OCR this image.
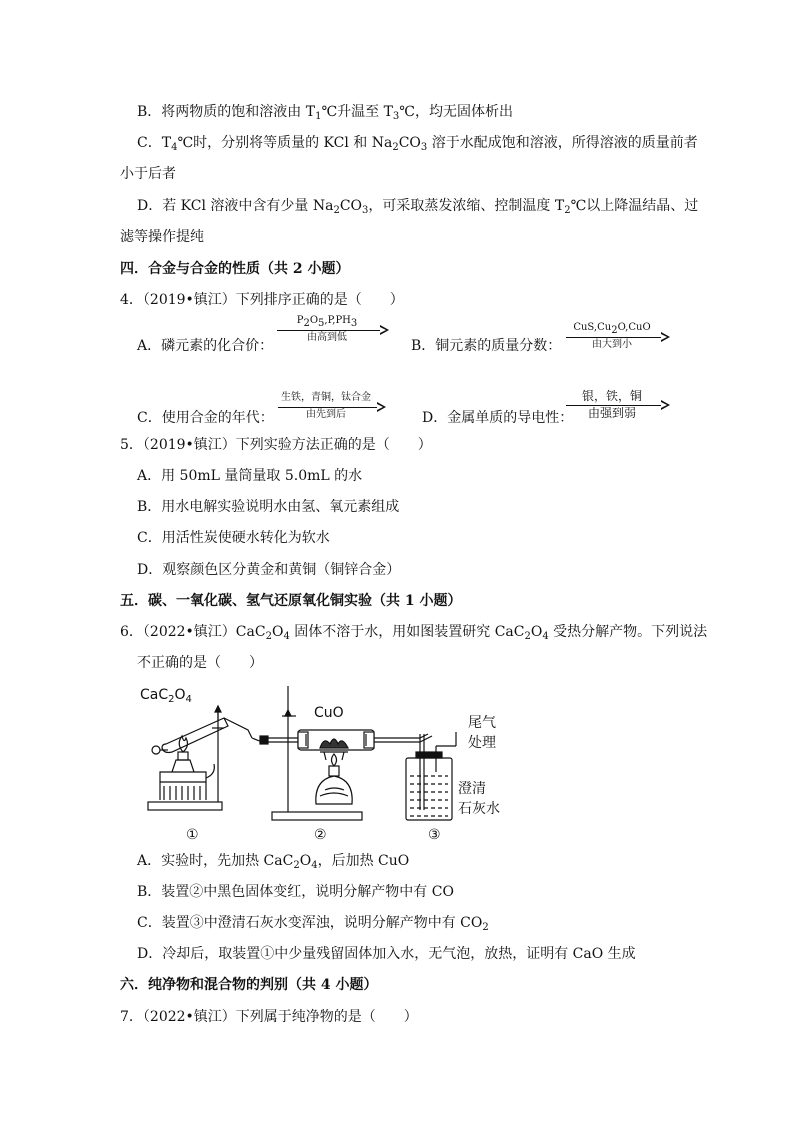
B．将两物质的饱和溶液由 $T_1℃$升温至 $T_3℃$，均无固体析出
C．$T_4℃$时，分别将等质量的 KCl 和 $Na_2CO_3$ 溶于水配成饱和溶液，所得溶液的质量前者
小于后者
D．若 KCl 溶液中含有少量 $Na_2CO_3$，可采取蒸发浓缩、控制温度 $T_2℃$以上降温结晶、过
滤等操作提纯
四．合金与合金的性质（共 2 小题）
4．（2019•镇江）下列排序正确的是（　　）
A．磷元素的化合价：
$P_2O_5,P,PH_3$
由高到低
B．铜元素的质量分数：
$CuS,Cu_2O,CuO$
由大到小
C．使用合金的年代：
生铁，青铜，钛合金
由先到后	D．金属单质的导电性：
银，铁，铜
由强到弱
5．（2019•镇江）下列实验方法正确的是（　　）
A．用 50mL 量筒量取 5.0mL 的水
B．用水电解实验说明水由氢、氧元素组成
C．用活性炭使硬水转化为软水
D．观察颜色区分黄金和黄铜（铜锌合金）
五．碳、一氧化碳、氢气还原氧化铜实验（共 1 小题）
6．（2022•镇江）$CaC_2O_4$ 固体不溶于水，用如图装置研究 $CaC_2O_4$ 受热分解产物。下列说法
不正确的是（　　）
$CaC_2O_4$
CuO
尾气
处理
澄清
石灰水
①	②	③
A．实验时，先加热 $CaC_2O_4$，后加热 CuO
B．装置②中黑色固体变红，说明分解产物中有 CO
C．装置③中澄清石灰水变浑浊，说明分解产物中有 $CO_2$
D．冷却后，取装置①中少量残留固体加入水，无气泡，放热，证明有 CaO 生成
六．纯净物和混合物的判别（共 4 小题）
7．（2022•镇江）下列属于纯净物的是（　　）
